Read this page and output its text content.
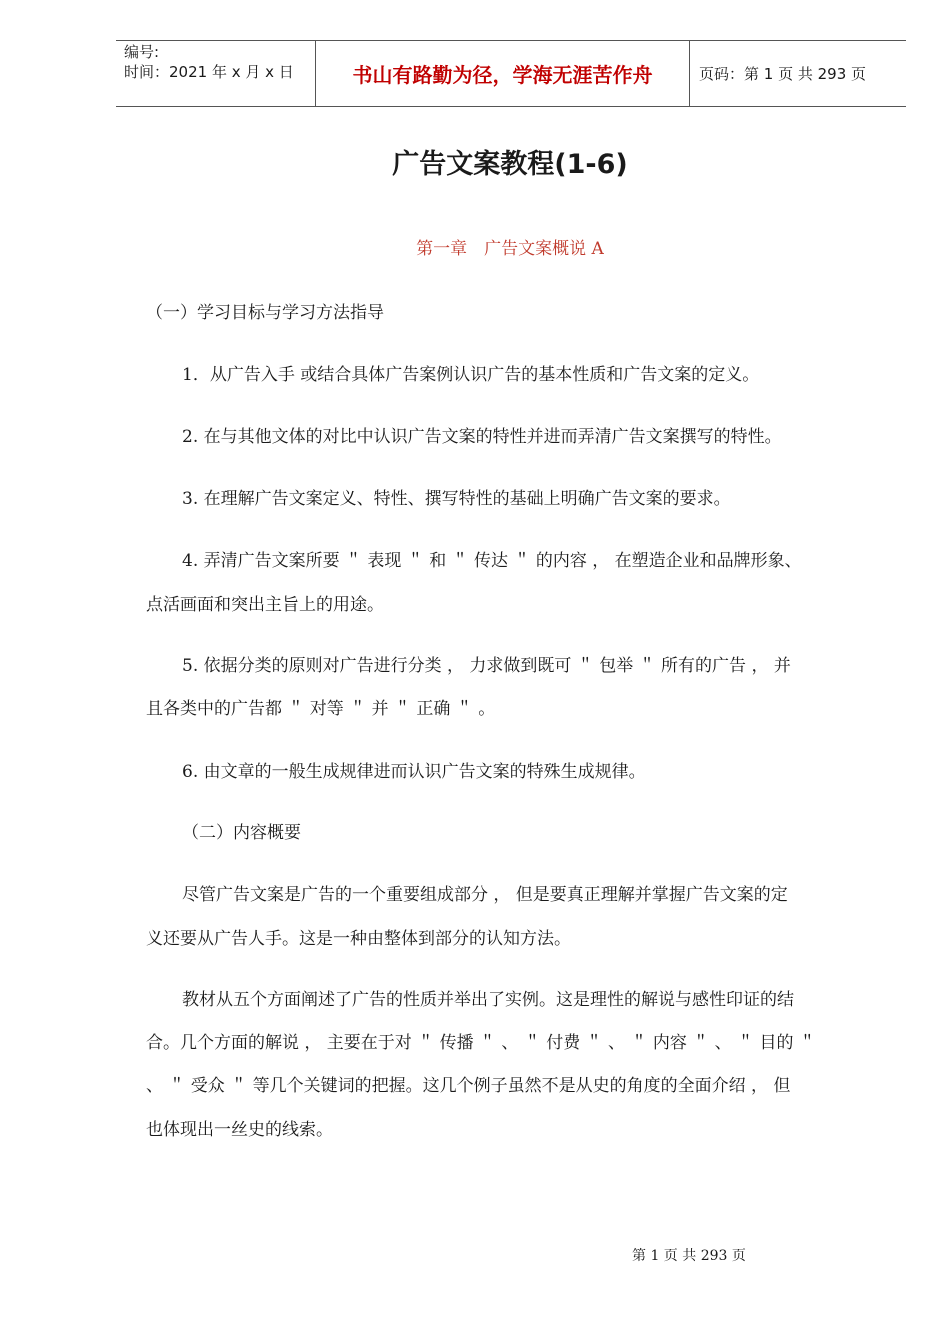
编号:
时间：2021 年 x 月 x 日	书山有路勤为径，学海无涯苦作舟	页码：第 1 页 共 293 页
广告文案教程(1-6)

第一章　广告文案概说 A

（一）学习目标与学习方法指导

1．从广告入手 或结合具体广告案例认识广告的基本性质和广告文案的定义。

2. 在与其他文体的对比中认识广告文案的特性并进而弄清广告文案撰写的特性。

3. 在理解广告文案定义、特性、撰写特性的基础上明确广告文案的要求。

4. 弄清广告文案所要 ＂ 表现 ＂ 和 ＂ 传达 ＂ 的内容 ， 在塑造企业和品牌形象、

点活画面和突出主旨上的用途。

5. 依据分类的原则对广告进行分类 ， 力求做到既可 ＂ 包举 ＂ 所有的广告 ， 并

且各类中的广告都 ＂ 对等 ＂ 并 ＂ 正确 ＂ 。

6. 由文章的一般生成规律进而认识广告文案的特殊生成规律。

（二）内容概要

尽管广告文案是广告的一个重要组成部分 ， 但是要真正理解并掌握广告文案的定

义还要从广告人手。这是一种由整体到部分的认知方法。

教材从五个方面阐述了广告的性质并举出了实例。这是理性的解说与感性印证的结

合。几个方面的解说 ， 主要在于对 ＂ 传播 ＂ 、 ＂ 付费 ＂ 、 ＂ 内容 ＂ 、 ＂ 目的 ＂

、 ＂ 受众 ＂ 等几个关键词的把握。这几个例子虽然不是从史的角度的全面介绍 ， 但

也体现出一丝史的线索。

第 1 页 共 293 页
